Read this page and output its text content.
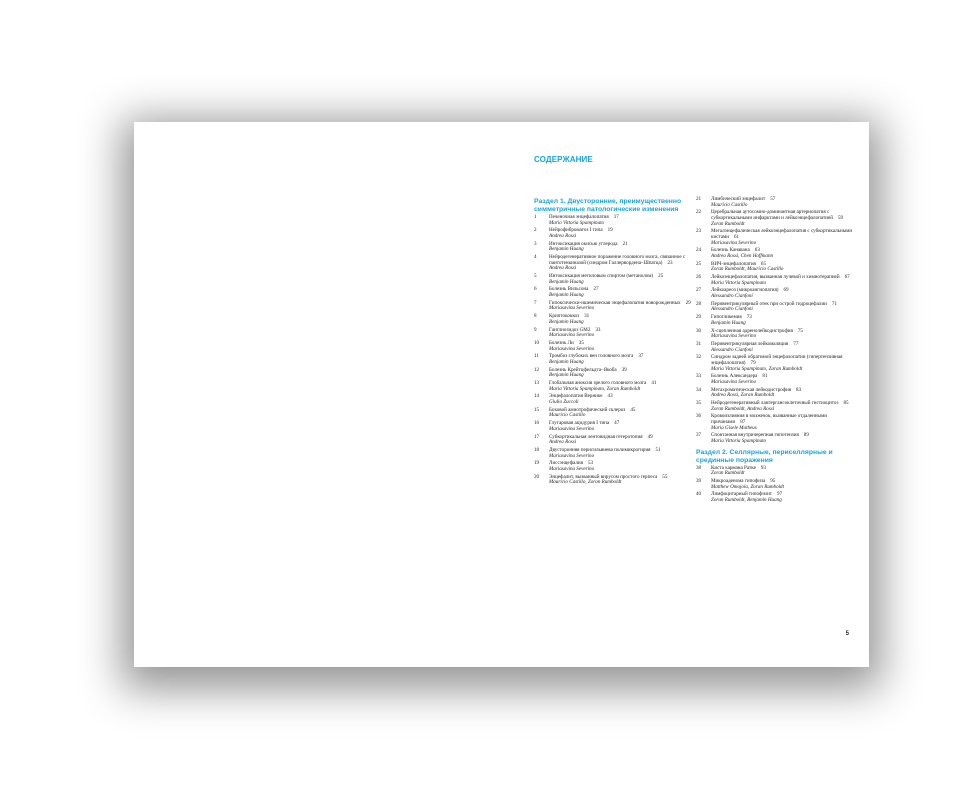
СОДЕРЖАНИЕ
Раздел 1. Двусторонние, преимущественно симметричные патологические изменения
1 Печеночная энцефалопатия 17
Mario Vittoria Spampinato
2 Нейрофиброматоз I типа 19
Andrea Rossi
3 Интоксикация окисью углерода 21
Benjamin Huang
4 Нейродегенеративное поражение головного мозга, связанное с пантотенкиназой (синдром Галлервордена–Шпатца) 23
Andrea Rossi
5 Интоксикация метиловым спиртом (метанолом) 25
Benjamin Huang
6 Болезнь Вильсона 27
Benjamin Huang
7 Гипоксически-ишемическая энцефалопатия новорожденных 29
Mariasavina Severino
8 Криптококкоз 31
Benjamin Huang
9 Ганглиозидоз GM2 33
Mariasavina Severino
10 Болезнь Ли 35
Mariasavina Severino
11 Тромбоз глубоких вен головного мозга 37
Benjamin Huang
12 Болезнь Крейтцфельдта–Якоба 39
Benjamin Huang
13 Глобальная аноксия зрелого головного мозга 41
Maria Vittoria Spampinato, Zoran Rumboldt
14 Энцефалопатия Вернике 43
Giulio Zuccoli
15 Боковой амиотрофический склероз 45
Mauricio Castillo
16 Глутаровая ацидурия I типа 47
Mariasavina Severino
17 Субкортикальная лентовидная гетеротопия 49
Andrea Rossi
18 Двусторонняя перисильвиева полимикрогирия 51
Mariasavina Severino
19 Лиссэнцефалия 53
Mariasavina Severino
20 Энцефалит, вызванный вирусом простого герпеса 55
Mauricio Castillo, Zoran Rumboldt
21 Лимбический энцефалит 57
Mauricio Castillo
22 Церебральная аутосомно-доминантная артериопатия с субкортикальными инфарктами и лейкоэнцефалопатией 59
Zoran Rumboldt
23 Мегалэнцефалическая лейкоэнцефалопатия с субкортикальными кистами 61
Mariasavina Severino
24 Болезнь Канавана 63
Andrea Rossi, Chen Hoffmann
25 ВИЧ-энцефалопатия 65
Zoran Rumboldt, Mauricio Castillo
26 Лейкоэнцефалопатия, вызванная лучевой и химиотерапией 67
Maria Vittoria Spampinato
27 Лейкоареоз (микроангиопатия) 69
Alessandro Cianfoni
28 Перивентрикулярный отек при острой гидроцефалии 71
Alessandro Cianfoni
29 Гипогликемия 73
Benjamin Huang
30 X-сцепленная адренолейкодистрофия 75
Mariasavina Severino
31 Перивентрикулярная лейкомаляция 77
Alessandro Cianfoni
32 Синдром задней обратимой энцефалопатии (гипертензивная энцефалопатия) 79
Maria Vittoria Spampinato, Zoran Rumboldt
33 Болезнь Александера 81
Mariasavina Severino
34 Метахроматическая лейкодистрофия 83
Andrea Rossi, Zoran Rumboldt
35 Нейродегенеративный лангергансоклеточный гистиоцитоз 85
Zoran Rumboldt, Andrea Rossi
36 Кровоизлияния в мозжечок, вызванные отдаленными причинами 87
Maria Gisele Matheus
37 Спонтанная внутричерепная гипотензия 89
Maria Vittoria Spampinato
Раздел 2. Селлярные, периселлярные и срединные поражения
38 Киста кармана Ратке 93
Zoran Rumboldt
39 Микроаденома гипофиза 95
Matthew Omojola, Zoran Rumboldt
40 Лимфоцитарный гипофизит 97
Zoran Rumboldt, Benjamin Huang
5
